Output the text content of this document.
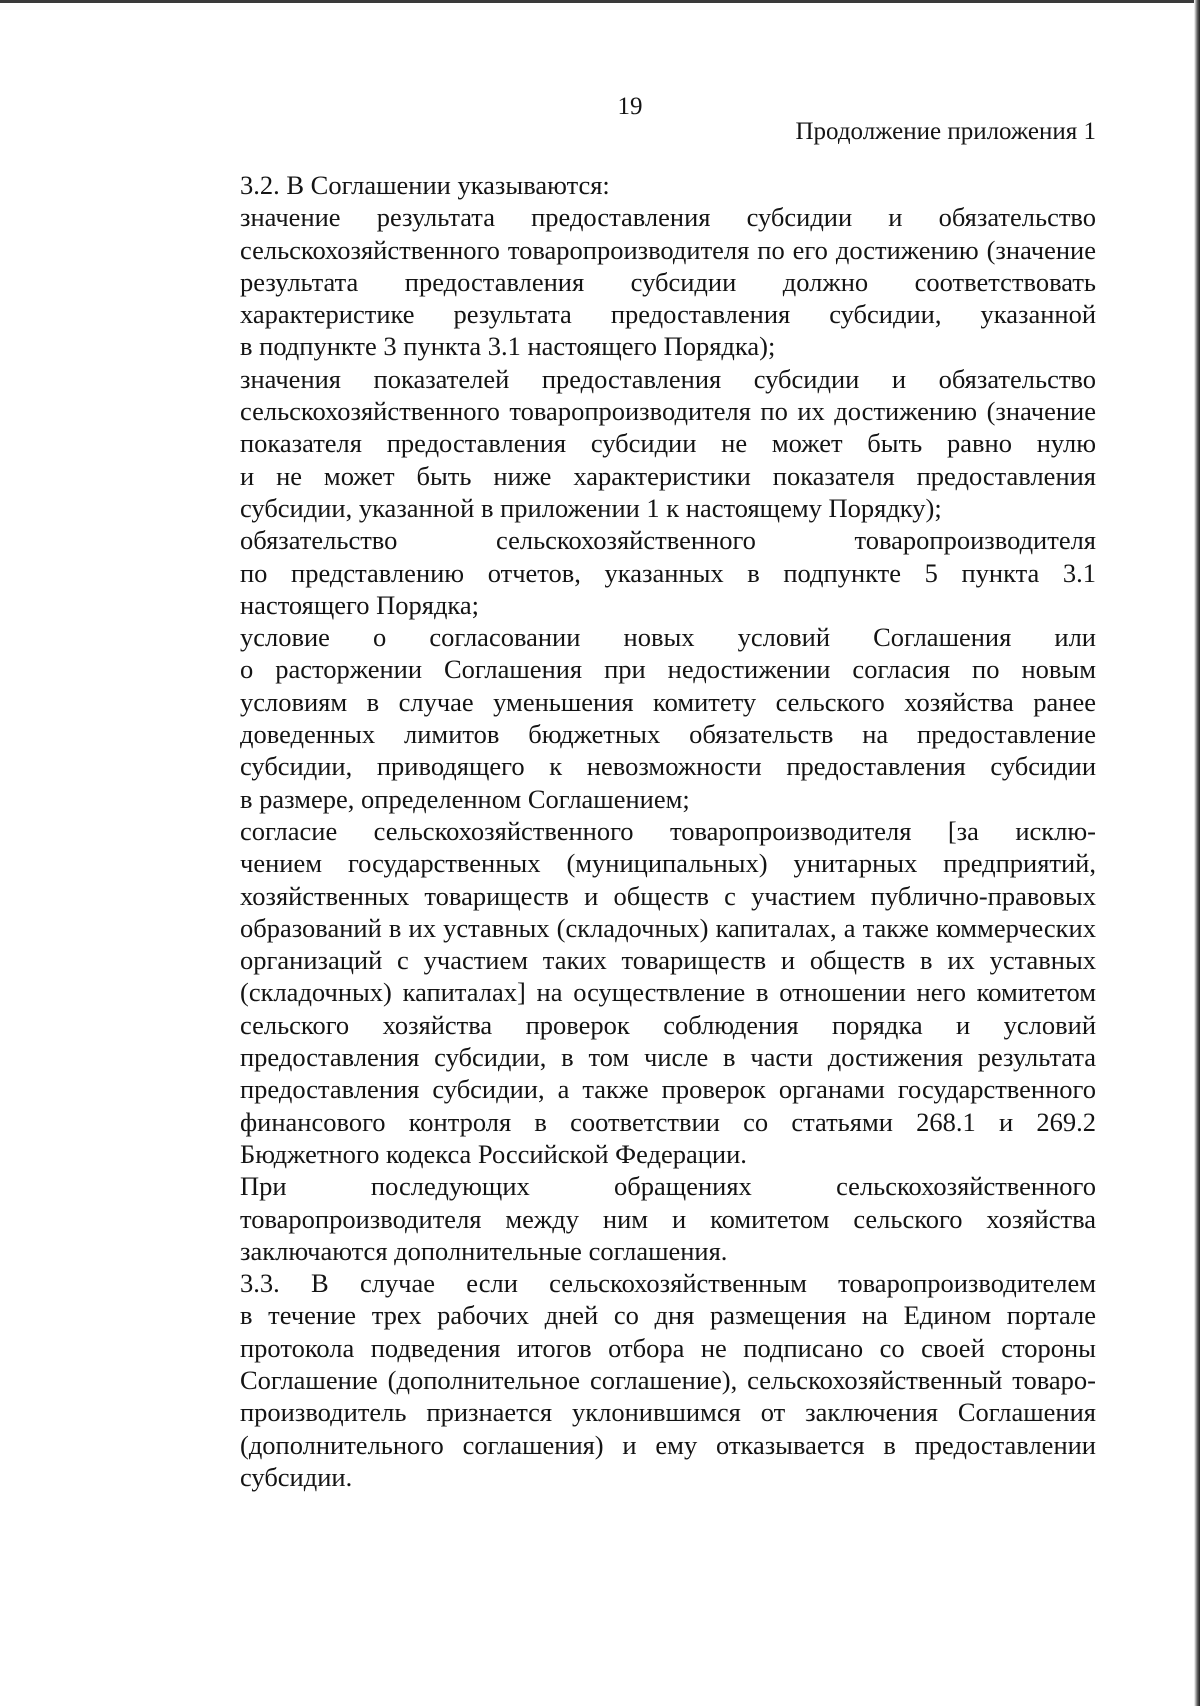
19
Продолжение приложения 1

3.2. В Соглашении указываются:

значение результата предоставления субсидии и обязательство
сельскохозяйственного товаропроизводителя по его достижению (значение
результата предоставления субсидии должно соответствовать
характеристике результата предоставления субсидии, указанной
в подпункте 3 пункта 3.1 настоящего Порядка);

значения показателей предоставления субсидии и обязательство
сельскохозяйственного товаропроизводителя по их достижению (значение
показателя предоставления субсидии не может быть равно нулю
и не может быть ниже характеристики показателя предоставления
субсидии, указанной в приложении 1 к настоящему Порядку);

обязательство сельскохозяйственного товаропроизводителя
по представлению отчетов, указанных в подпункте 5 пункта 3.1
настоящего Порядка;

условие о согласовании новых условий Соглашения или
о расторжении Соглашения при недостижении согласия по новым
условиям в случае уменьшения комитету сельского хозяйства ранее
доведенных лимитов бюджетных обязательств на предоставление
субсидии, приводящего к невозможности предоставления субсидии
в размере, определенном Соглашением;

согласие сельскохозяйственного товаропроизводителя [за исклю-
чением государственных (муниципальных) унитарных предприятий,
хозяйственных товариществ и обществ с участием публично-правовых
образований в их уставных (складочных) капиталах, а также коммерческих
организаций с участием таких товариществ и обществ в их уставных
(складочных) капиталах] на осуществление в отношении него комитетом
сельского хозяйства проверок соблюдения порядка и условий
предоставления субсидии, в том числе в части достижения результата
предоставления субсидии, а также проверок органами государственного
финансового контроля в соответствии со статьями 268.1 и 269.2
Бюджетного кодекса Российской Федерации.

При последующих обращениях сельскохозяйственного
товаропроизводителя между ним и комитетом сельского хозяйства
заключаются дополнительные соглашения.

3.3. В случае если сельскохозяйственным товаропроизводителем
в течение трех рабочих дней со дня размещения на Едином портале
протокола подведения итогов отбора не подписано со своей стороны
Соглашение (дополнительное соглашение), сельскохозяйственный товаро-
производитель признается уклонившимся от заключения Соглашения
(дополнительного соглашения) и ему отказывается в предоставлении
субсидии.
